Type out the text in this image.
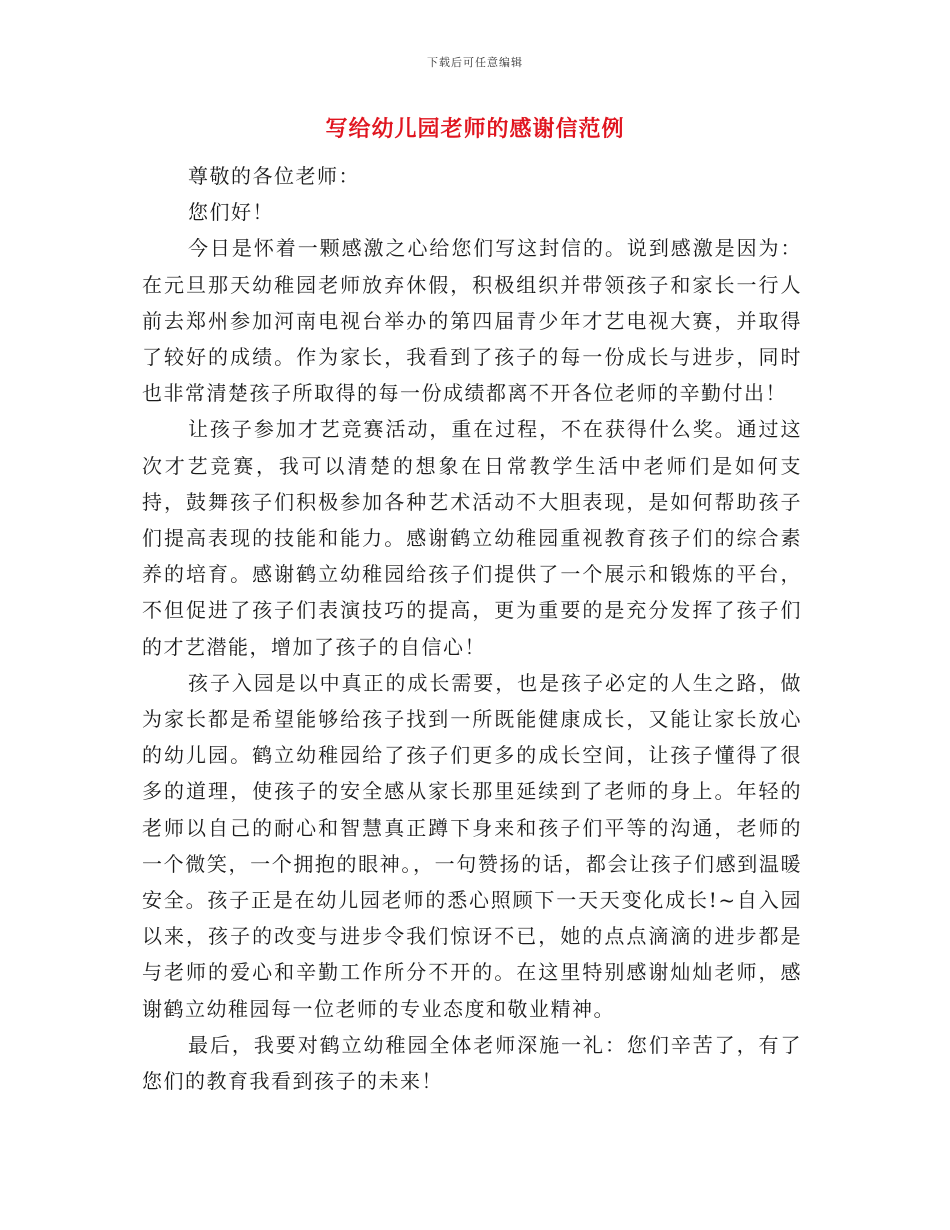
下载后可任意编辑
写给幼儿园老师的感谢信范例

尊敬的各位老师：

您们好！

今日是怀着一颗感激之心给您们写这封信的。说到感激是因为：在元旦那天幼稚园老师放弃休假，积极组织并带领孩子和家长一行人前去郑州参加河南电视台举办的第四届青少年才艺电视大赛，并取得了较好的成绩。作为家长，我看到了孩子的每一份成长与进步，同时也非常清楚孩子所取得的每一份成绩都离不开各位老师的辛勤付出！

让孩子参加才艺竞赛活动，重在过程，不在获得什么奖。通过这次才艺竞赛，我可以清楚的想象在日常教学生活中老师们是如何支持，鼓舞孩子们积极参加各种艺术活动不大胆表现，是如何帮助孩子们提高表现的技能和能力。感谢鹤立幼稚园重视教育孩子们的综合素养的培育。感谢鹤立幼稚园给孩子们提供了一个展示和锻炼的平台，不但促进了孩子们表演技巧的提高，更为重要的是充分发挥了孩子们的才艺潜能，增加了孩子的自信心！

孩子入园是以中真正的成长需要，也是孩子必定的人生之路，做为家长都是希望能够给孩子找到一所既能健康成长，又能让家长放心的幼儿园。鹤立幼稚园给了孩子们更多的成长空间，让孩子懂得了很多的道理，使孩子的安全感从家长那里延续到了老师的身上。年轻的老师以自己的耐心和智慧真正蹲下身来和孩子们平等的沟通，老师的一个微笑，一个拥抱的眼神。，一句赞扬的话，都会让孩子们感到温暖安全。孩子正是在幼儿园老师的悉心照顾下一天天变化成长!~自入园以来，孩子的改变与进步令我们惊讶不已，她的点点滴滴的进步都是与老师的爱心和辛勤工作所分不开的。在这里特别感谢灿灿老师，感谢鹤立幼稚园每一位老师的专业态度和敬业精神。

最后，我要对鹤立幼稚园全体老师深施一礼：您们辛苦了，有了您们的教育我看到孩子的未来！
